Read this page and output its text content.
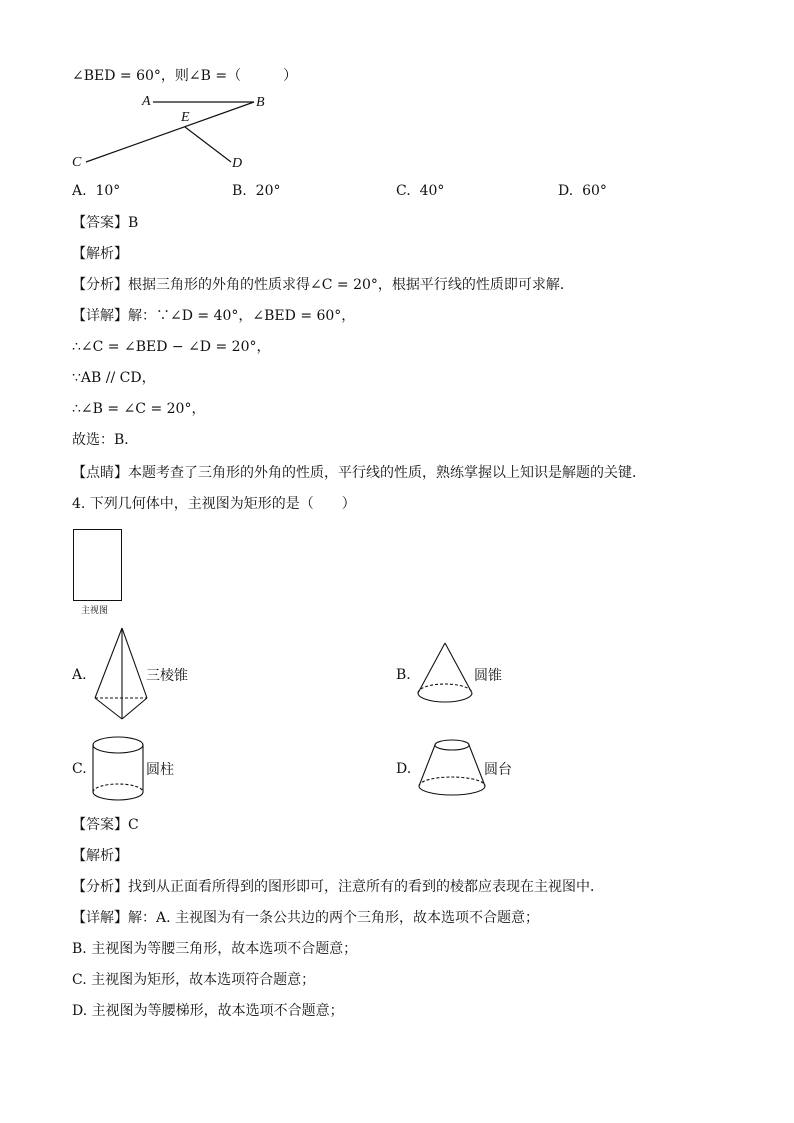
∠BED = 60°，则∠B =（　　　）
A	B
E
C	D
A. 10°	B. 20°	C. 40°	D. 60°
【答案】B
【解析】
【分析】根据三角形的外角的性质求得∠C = 20°，根据平行线的性质即可求解．
【详解】解：∵∠D = 40°，∠BED = 60°，
∴∠C = ∠BED − ∠D = 20°，
∵AB // CD，
∴∠B = ∠C = 20°，
故选：B．
【点睛】本题考查了三角形的外角的性质，平行线的性质，熟练掌握以上知识是解题的关键．
4. 下列几何体中，主视图为矩形的是（　　）
主视图
A.	三棱锥	B.	圆锥
C.	圆柱	D.	圆台
【答案】C
【解析】
【分析】找到从正面看所得到的图形即可，注意所有的看到的棱都应表现在主视图中．
【详解】解：A. 主视图为有一条公共边的两个三角形，故本选项不合题意；
B. 主视图为等腰三角形，故本选项不合题意；
C. 主视图为矩形，故本选项符合题意；
D. 主视图为等腰梯形，故本选项不合题意；
